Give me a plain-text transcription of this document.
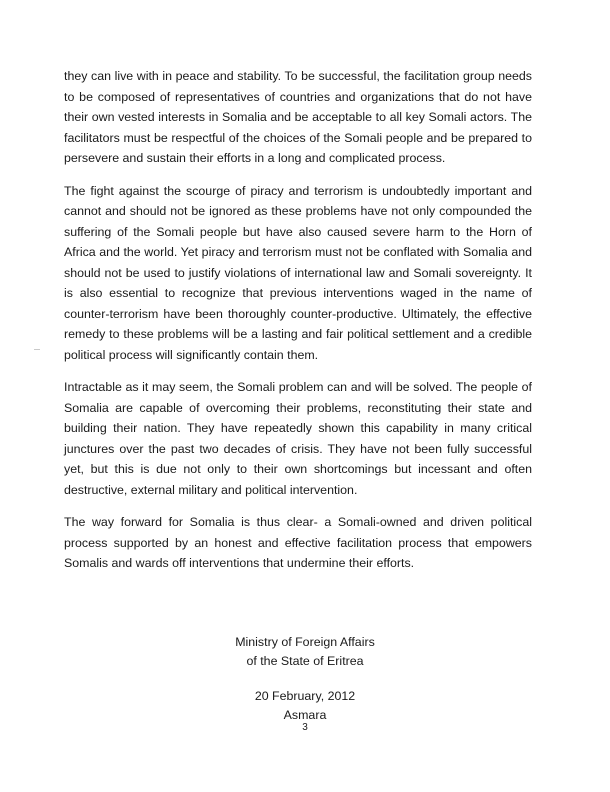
they can live with in peace and stability. To be successful, the facilitation group needs to be composed of representatives of countries and organizations that do not have their own vested interests in Somalia and be acceptable to all key Somali actors. The facilitators must be respectful of the choices of the Somali people and be prepared to persevere and sustain their efforts in a long and complicated process.

The fight against the scourge of piracy and terrorism is undoubtedly important and cannot and should not be ignored as these problems have not only compounded the suffering of the Somali people but have also caused severe harm to the Horn of Africa and the world. Yet piracy and terrorism must not be conflated with Somalia and should not be used to justify violations of international law and Somali sovereignty. It is also essential to recognize that previous interventions waged in the name of counter-terrorism have been thoroughly counter-productive. Ultimately, the effective remedy to these problems will be a lasting and fair political settlement and a credible political process will significantly contain them.

Intractable as it may seem, the Somali problem can and will be solved. The people of Somalia are capable of overcoming their problems, reconstituting their state and building their nation. They have repeatedly shown this capability in many critical junctures over the past two decades of crisis. They have not been fully successful yet, but this is due not only to their own shortcomings but incessant and often destructive, external military and political intervention.

The way forward for Somalia is thus clear- a Somali-owned and driven political process supported by an honest and effective facilitation process that empowers Somalis and wards off interventions that undermine their efforts.

Ministry of Foreign Affairs
of the State of Eritrea
20 February, 2012
Asmara
3
